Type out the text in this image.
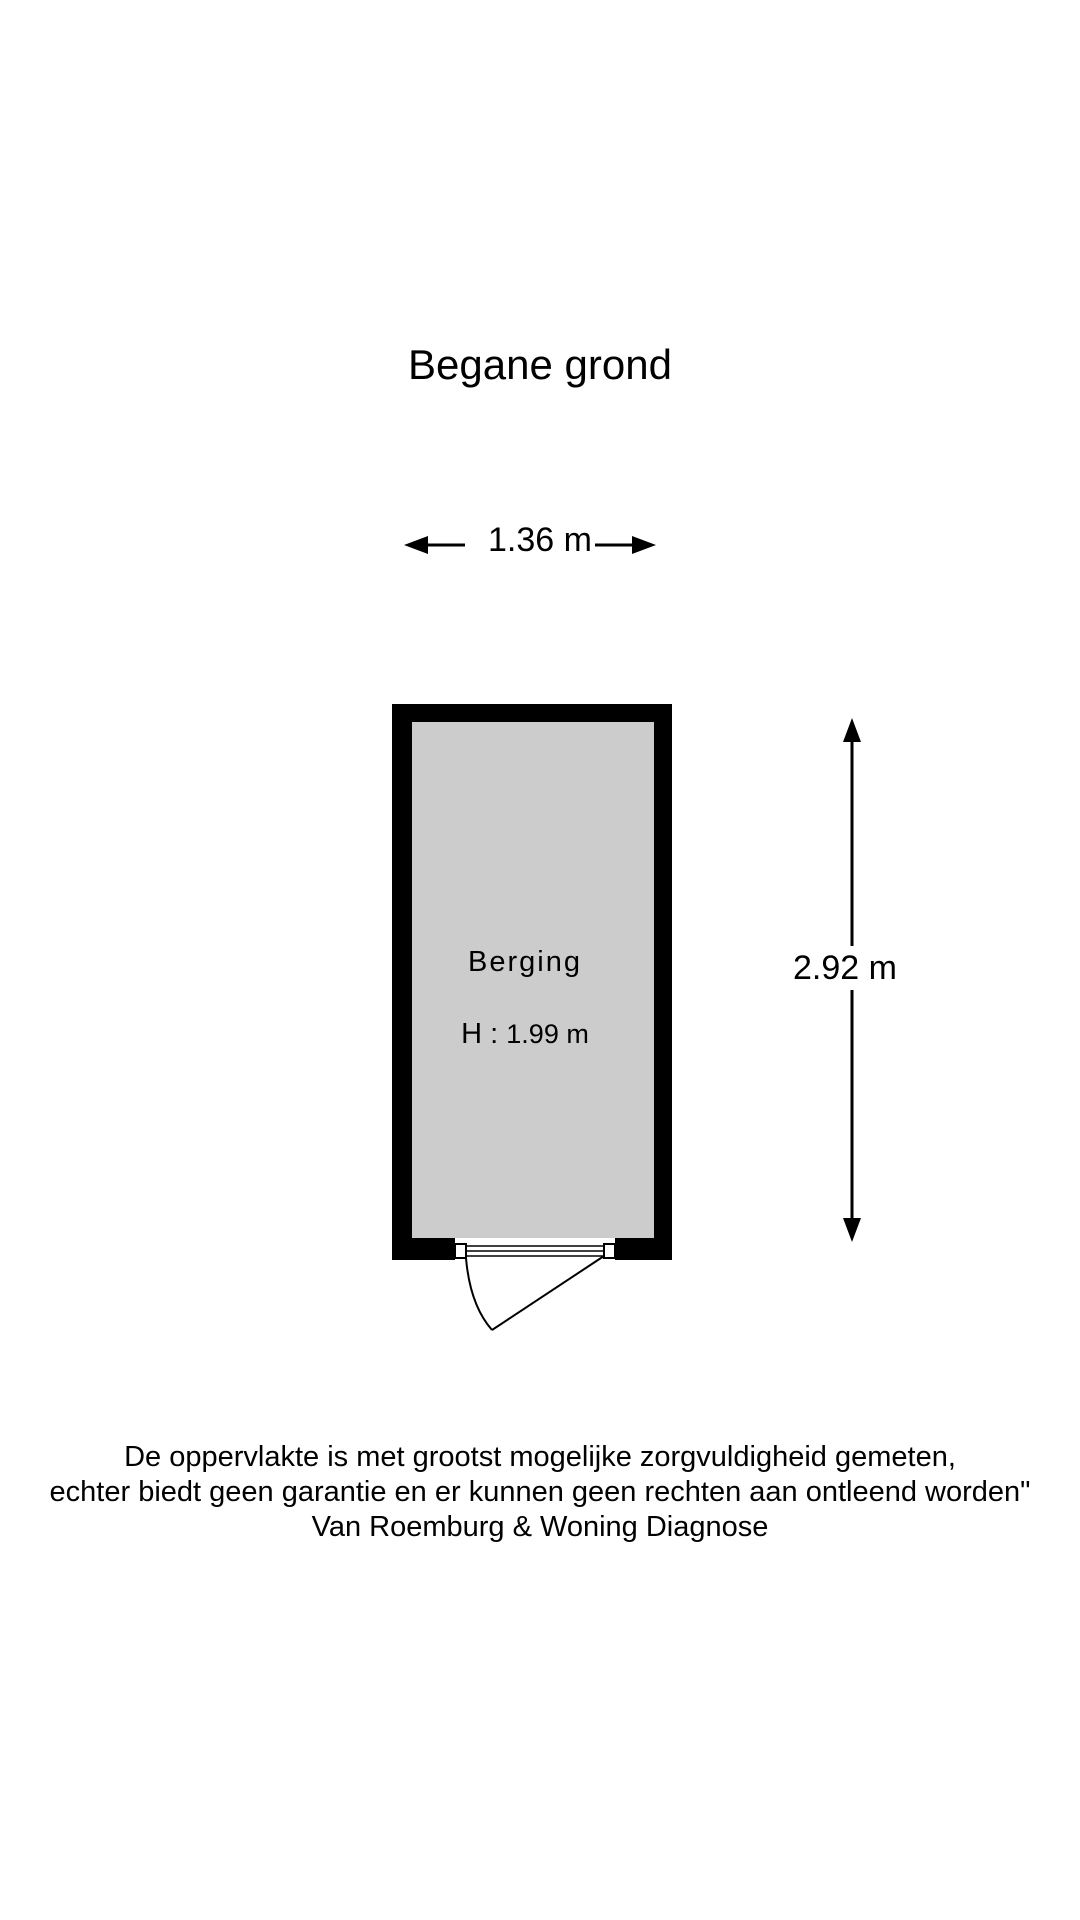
Begane grond
1.36 m
2.92 m
Berging
H : 1.99 m
De oppervlakte is met grootst mogelijke zorgvuldigheid gemeten,
echter biedt geen garantie en er kunnen geen rechten aan ontleend worden"
Van Roemburg & Woning Diagnose
